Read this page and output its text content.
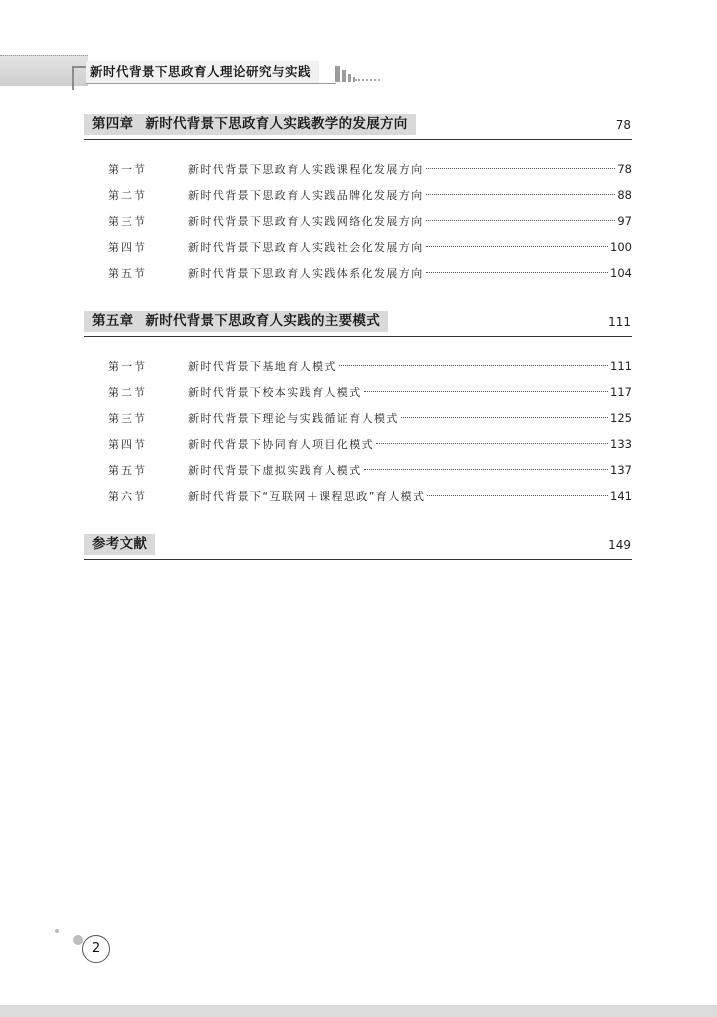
新时代背景下思政育人理论研究与实践
第四章 新时代背景下思政育人实践教学的发展方向	78
第一节	新时代背景下思政育人实践课程化发展方向	78
第二节	新时代背景下思政育人实践品牌化发展方向	88
第三节	新时代背景下思政育人实践网络化发展方向	97
第四节	新时代背景下思政育人实践社会化发展方向	100
第五节	新时代背景下思政育人实践体系化发展方向	104
第五章 新时代背景下思政育人实践的主要模式	111
第一节	新时代背景下基地育人模式	111
第二节	新时代背景下校本实践育人模式	117
第三节	新时代背景下理论与实践循证育人模式	125
第四节	新时代背景下协同育人项目化模式	133
第五节	新时代背景下虚拟实践育人模式	137
第六节	新时代背景下“互联网＋课程思政”育人模式	141
参考文献	149
2
